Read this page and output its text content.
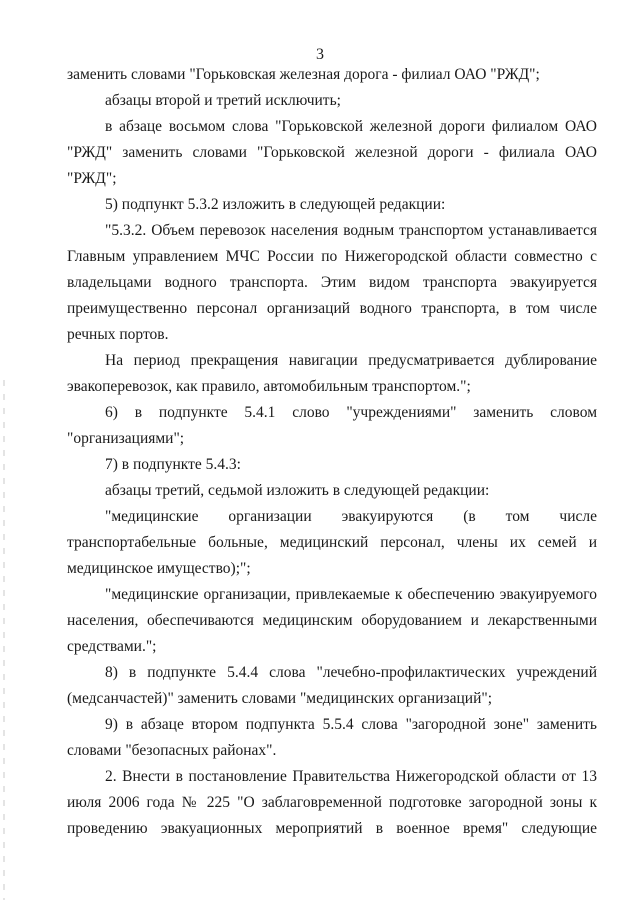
3
заменить словами "Горьковская железная дорога - филиал ОАО "РЖД";
абзацы второй и третий исключить;
в абзаце восьмом слова "Горьковской железной дороги филиалом ОАО
"РЖД" заменить словами "Горьковской железной дороги - филиала ОАО
"РЖД";
5) подпункт 5.3.2 изложить в следующей редакции:
"5.3.2. Объем перевозок населения водным транспортом устанавливается
Главным управлением МЧС России по Нижегородской области совместно с
владельцами водного транспорта. Этим видом транспорта эвакуируется
преимущественно персонал организаций водного транспорта, в том числе
речных портов.
На период прекращения навигации предусматривается дублирование
эвакоперевозок, как правило, автомобильным транспортом.";
6) в подпункте 5.4.1 слово "учреждениями" заменить словом
"организациями";
7) в подпункте 5.4.3:
абзацы третий, седьмой изложить в следующей редакции:
"медицинские организации эвакуируются (в том числе
транспортабельные больные, медицинский персонал, члены их семей и
медицинское имущество);";
"медицинские организации, привлекаемые к обеспечению эвакуируемого
населения, обеспечиваются медицинским оборудованием и лекарственными
средствами.";
8) в подпункте 5.4.4 слова "лечебно-профилактических учреждений
(медсанчастей)" заменить словами "медицинских организаций";
9) в абзаце втором подпункта 5.5.4 слова "загородной зоне" заменить
словами "безопасных районах".
2. Внести в постановление Правительства Нижегородской области от 13
июля 2006 года № 225 "О заблаговременной подготовке загородной зоны к
проведению эвакуационных мероприятий в военное время" следующие
